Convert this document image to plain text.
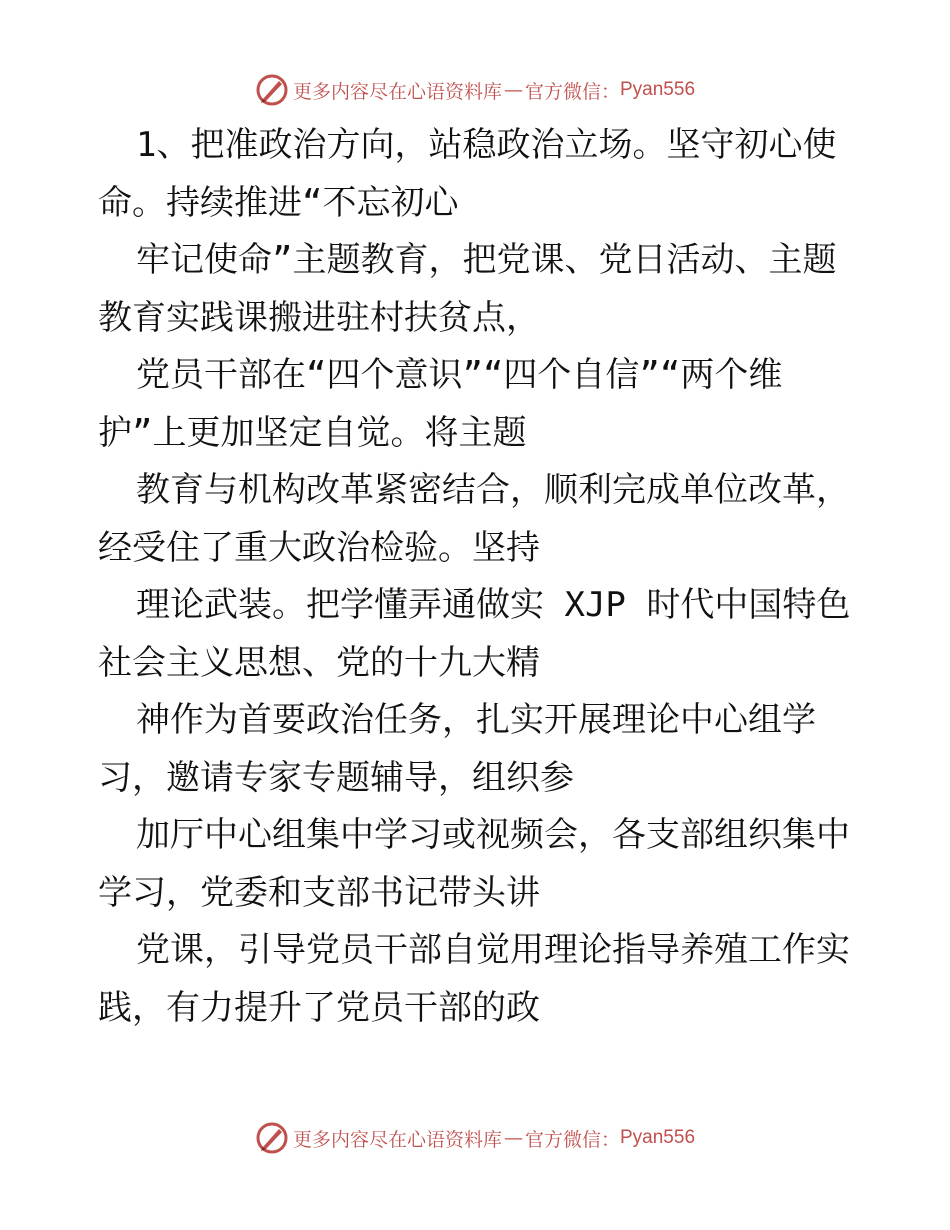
更多内容尽在心语资料库 — 官方微信： Pyan556
1、把准政治方向，站稳政治立场。坚守初心使
命。持续推进“不忘初心
牢记使命”主题教育，把党课、党日活动、主题
教育实践课搬进驻村扶贫点，
党员干部在“四个意识”“四个自信”“两个维
护”上更加坚定自觉。将主题
教育与机构改革紧密结合，顺利完成单位改革，
经受住了重大政治检验。坚持
理论武装。把学懂弄通做实 XJP 时代中国特色
社会主义思想、党的十九大精
神作为首要政治任务，扎实开展理论中心组学
习，邀请专家专题辅导，组织参
加厅中心组集中学习或视频会，各支部组织集中
学习，党委和支部书记带头讲
党课，引导党员干部自觉用理论指导养殖工作实
践，有力提升了党员干部的政
更多内容尽在心语资料库 — 官方微信： Pyan556
